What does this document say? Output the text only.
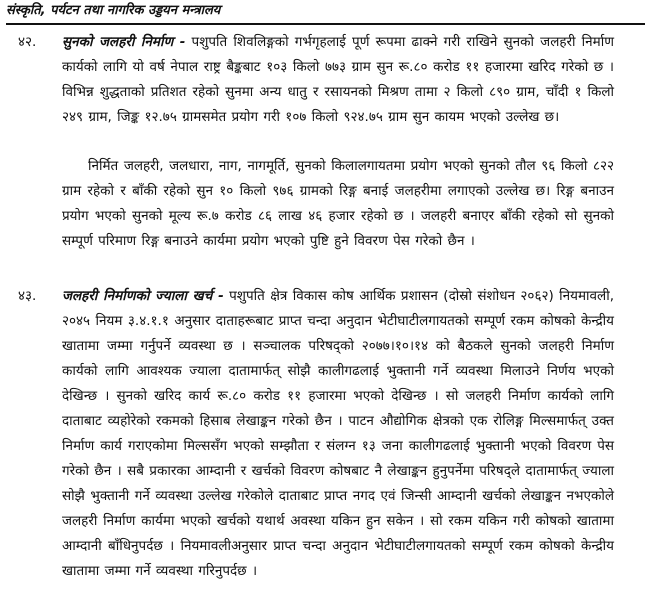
संस्कृति, पर्यटन तथा नागरिक उड्डयन मन्त्रालय
४२. सुनको जलहरी निर्माण - पशुपति शिवलिङ्गको गर्भगृहलाई पूर्ण रूपमा ढाक्ने गरी राखिने सुनको जलहरी निर्माण कार्यको लागि यो वर्ष नेपाल राष्ट्र बैङ्कबाट १०३ किलो ७७३ ग्राम सुन रू.८० करोड ११ हजारमा खरिद गरेको छ । विभिन्न शुद्धताको प्रतिशत रहेको सुनमा अन्य धातु र रसायनको मिश्रण तामा २ किलो ८९० ग्राम, चाँदी १ किलो २४९ ग्राम, जिङ्क १२.७५ ग्रामसमेत प्रयोग गरी १०७ किलो ९२४.७५ ग्राम सुन कायम भएको उल्लेख छ।
निर्मित जलहरी, जलधारा, नाग, नागमूर्ति, सुनको किलालगायतमा प्रयोग भएको सुनको तौल ९६ किलो ८२२ ग्राम रहेको र बाँकी रहेको सुन १० किलो ९७६ ग्रामको रिङ्ग बनाई जलहरीमा लगाएको उल्लेख छ। रिङ्ग बनाउन प्रयोग भएको सुनको मूल्य रू.७ करोड ८६ लाख ४६ हजार रहेको छ । जलहरी बनाएर बाँकी रहेको सो सुनको सम्पूर्ण परिमाण रिङ्ग बनाउने कार्यमा प्रयोग भएको पुष्टि हुने विवरण पेस गरेको छैन ।
४३. जलहरी निर्माणको ज्याला खर्च - पशुपति क्षेत्र विकास कोष आर्थिक प्रशासन (दोस्रो संशोधन २०६२) नियमावली, २०४५ नियम ३.४.१.१ अनुसार दाताहरूबाट प्राप्त चन्दा अनुदान भेटीघाटीलगायतको सम्पूर्ण रकम कोषको केन्द्रीय खातामा जम्मा गर्नुपर्ने व्यवस्था छ । सञ्चालक परिषद्को २०७७।१०।१४ को बैठकले सुनको जलहरी निर्माण कार्यको लागि आवश्यक ज्याला दातामार्फत् सोझै कालीगढलाई भुक्तानी गर्ने व्यवस्था मिलाउने निर्णय भएको देखिन्छ । सुनको खरिद कार्य रू.८० करोड ११ हजारमा भएको देखिन्छ । सो जलहरी निर्माण कार्यको लागि दाताबाट व्यहोरेको रकमको हिसाब लेखाङ्कन गरेको छैन । पाटन औद्योगिक क्षेत्रको एक रोलिङ्ग मिल्समार्फत् उक्त निर्माण कार्य गराएकोमा मिल्ससँग भएको सम्झौता र संलग्न १३ जना कालीगढलाई भुक्तानी भएको विवरण पेस गरेको छैन । सबै प्रकारका आम्दानी र खर्चको विवरण कोषबाट नै लेखाङ्कन हुनुपर्नेमा परिषद्ले दातामार्फत् ज्याला सोझै भुक्तानी गर्ने व्यवस्था उल्लेख गरेकोले दाताबाट प्राप्त नगद एवं जिन्सी आम्दानी खर्चको लेखाङ्कन नभएकोले जलहरी निर्माण कार्यमा भएको खर्चको यथार्थ अवस्था यकिन हुन सकेन । सो रकम यकिन गरी कोषको खातामा आम्दानी बाँधिनुपर्दछ । नियमावलीअनुसार प्राप्त चन्दा अनुदान भेटीघाटीलगायतको सम्पूर्ण रकम कोषको केन्द्रीय खातामा जम्मा गर्ने व्यवस्था गरिनुपर्दछ ।
